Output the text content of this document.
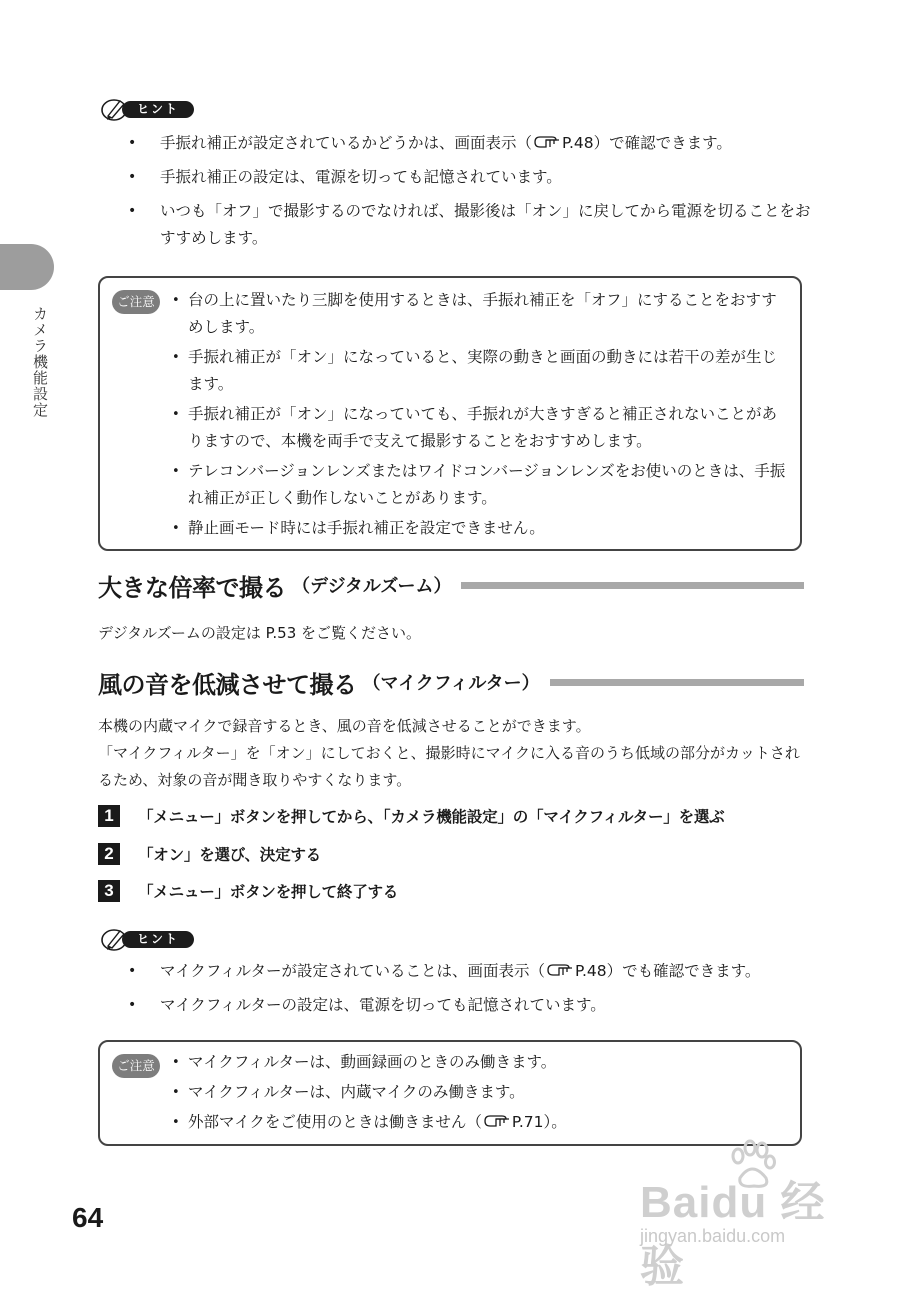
カメラ機能設定
ヒント
• 手振れ補正が設定されているかどうかは、画面表示（ P.48）で確認できます。
• 手振れ補正の設定は、電源を切っても記憶されています。
• いつも「オフ」で撮影するのでなければ、撮影後は「オン」に戻してから電源を切ることをおすすめします。
ご注意	• 台の上に置いたり三脚を使用するときは、手振れ補正を「オフ」にすることをおすすめします。
• 手振れ補正が「オン」になっていると、実際の動きと画面の動きには若干の差が生じます。
• 手振れ補正が「オン」になっていても、手振れが大きすぎると補正されないことがありますので、本機を両手で支えて撮影することをおすすめします。
• テレコンバージョンレンズまたはワイドコンバージョンレンズをお使いのときは、手振れ補正が正しく動作しないことがあります。
• 静止画モード時には手振れ補正を設定できません。
大きな倍率で撮る （デジタルズーム）
デジタルズームの設定は P.53 をご覧ください。
風の音を低減させて撮る （マイクフィルター）
本機の内蔵マイクで録音するとき、風の音を低減させることができます。
「マイクフィルター」を「オン」にしておくと、撮影時にマイクに入る音のうち低域の部分がカットされるため、対象の音が聞き取りやすくなります。
1	「メニュー」ボタンを押してから、「カメラ機能設定」の「マイクフィルター」を選ぶ
2	「オン」を選び、決定する
3	「メニュー」ボタンを押して終了する
ヒント
• マイクフィルターが設定されていることは、画面表示（ P.48）でも確認できます。
• マイクフィルターの設定は、電源を切っても記憶されています。
ご注意	• マイクフィルターは、動画録画のときのみ働きます。
• マイクフィルターは、内蔵マイクのみ働きます。
• 外部マイクをご使用のときは働きません（ P.71）。
64	Baidu 经验
jingyan.baidu.com
